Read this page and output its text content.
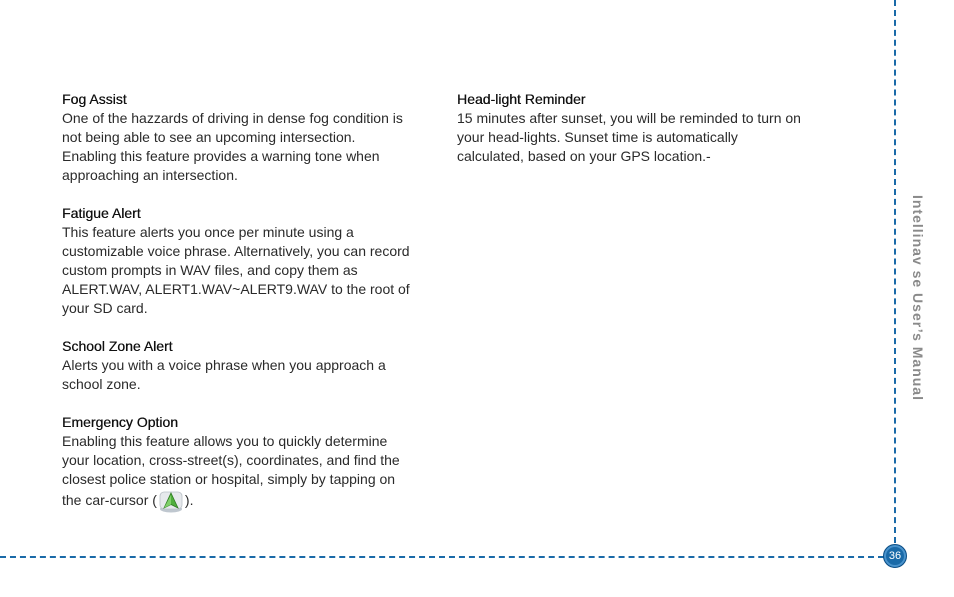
Fog Assist
One of the hazzards of driving in dense fog condition is
not being able to see an upcoming intersection.
Enabling this feature provides a warning tone when
approaching an intersection.
Fatigue Alert
This feature alerts you once per minute using a
customizable voice phrase. Alternatively, you can record
custom prompts in WAV files, and copy them as
ALERT.WAV, ALERT1.WAV~ALERT9.WAV to the root of
your SD card.
School Zone Alert
Alerts you with a voice phrase when you approach a
school zone.
Emergency Option
Enabling this feature allows you to quickly determine
your location, cross-street(s), coordinates, and find the
closest police station or hospital, simply by tapping on
the car-cursor ( ).
Head-light Reminder
15 minutes after sunset, you will be reminded to turn on
your head-lights. Sunset time is automatically
calculated, based on your GPS location.-
36
Intellinav se User’s Manual
